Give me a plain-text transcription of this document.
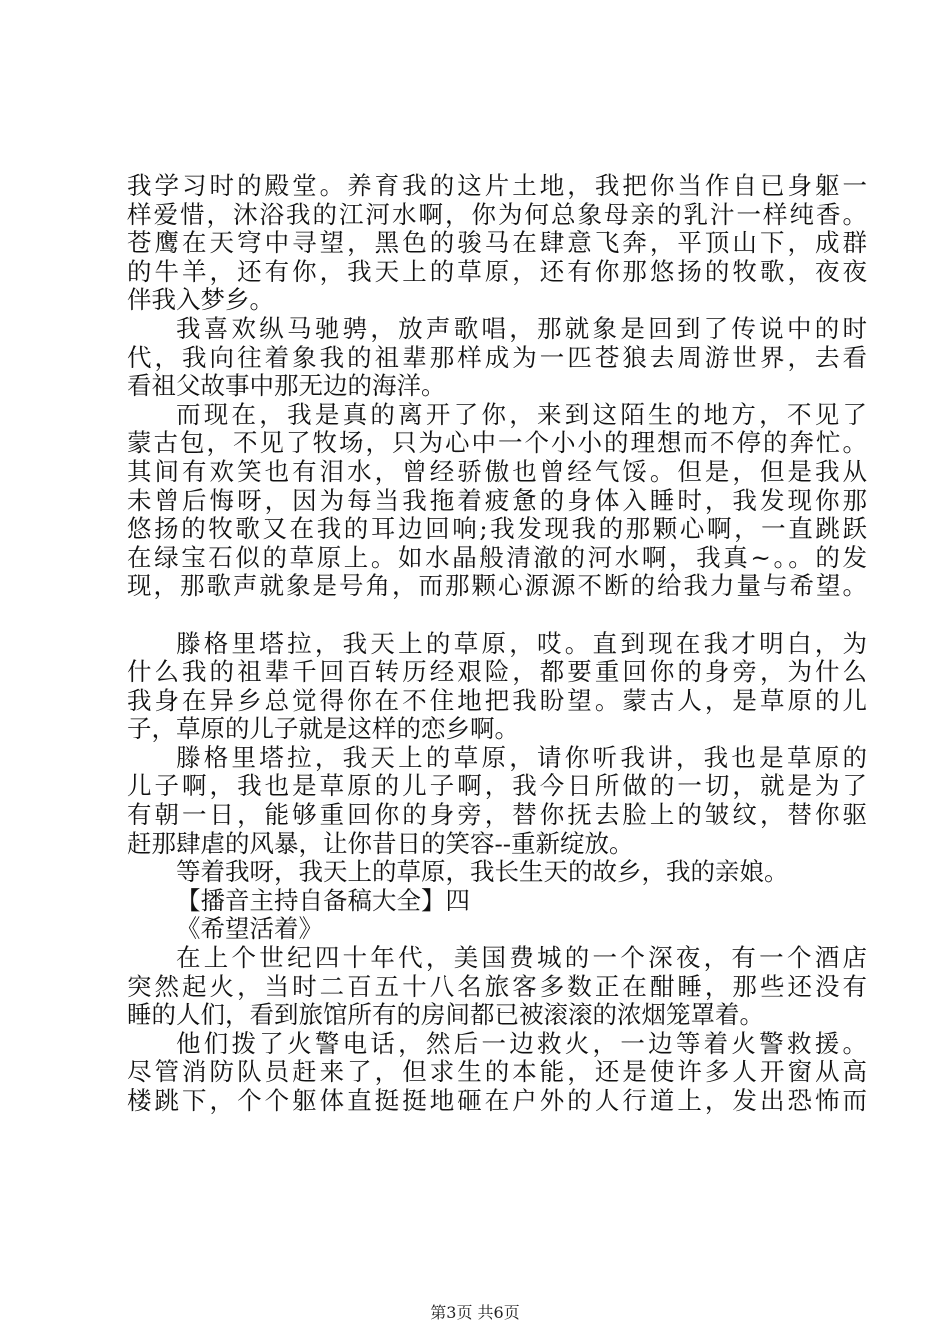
我学习时的殿堂。养育我的这片土地，我把你当作自已身躯一
样爱惜，沐浴我的江河水啊，你为何总象母亲的乳汁一样纯香。
苍鹰在天穹中寻望，黑色的骏马在肆意飞奔，平顶山下，成群
的牛羊，还有你，我天上的草原，还有你那悠扬的牧歌，夜夜
伴我入梦乡。
我喜欢纵马驰骋，放声歌唱，那就象是回到了传说中的时
代，我向往着象我的祖辈那样成为一匹苍狼去周游世界，去看
看祖父故事中那无边的海洋。
而现在，我是真的离开了你，来到这陌生的地方，不见了
蒙古包，不见了牧场，只为心中一个小小的理想而不停的奔忙。
其间有欢笑也有泪水，曾经骄傲也曾经气馁。但是，但是我从
未曾后悔呀，因为每当我拖着疲惫的身体入睡时，我发现你那
悠扬的牧歌又在我的耳边回响;我发现我的那颗心啊，一直跳跃
在绿宝石似的草原上。如水晶般清澈的河水啊，我真~。。的发
现，那歌声就象是号角，而那颗心源源不断的给我力量与希望。
滕格里塔拉，我天上的草原，哎。直到现在我才明白，为
什么我的祖辈千回百转历经艰险，都要重回你的身旁，为什么
我身在异乡总觉得你在不住地把我盼望。蒙古人，是草原的儿
子，草原的儿子就是这样的恋乡啊。
滕格里塔拉，我天上的草原，请你听我讲，我也是草原的
儿子啊，我也是草原的儿子啊，我今日所做的一切，就是为了
有朝一日，能够重回你的身旁，替你抚去脸上的皱纹，替你驱
赶那肆虐的风暴，让你昔日的笑容--重新绽放。
等着我呀，我天上的草原，我长生天的故乡，我的亲娘。
【播音主持自备稿大全】四
《希望活着》
在上个世纪四十年代，美国费城的一个深夜，有一个酒店
突然起火，当时二百五十八名旅客多数正在酣睡，那些还没有
睡的人们，看到旅馆所有的房间都已被滚滚的浓烟笼罩着。
他们拨了火警电话，然后一边救火，一边等着火警救援。
尽管消防队员赶来了，但求生的本能，还是使许多人开窗从高
楼跳下，个个躯体直挺挺地砸在户外的人行道上，发出恐怖而
第3页 共6页
